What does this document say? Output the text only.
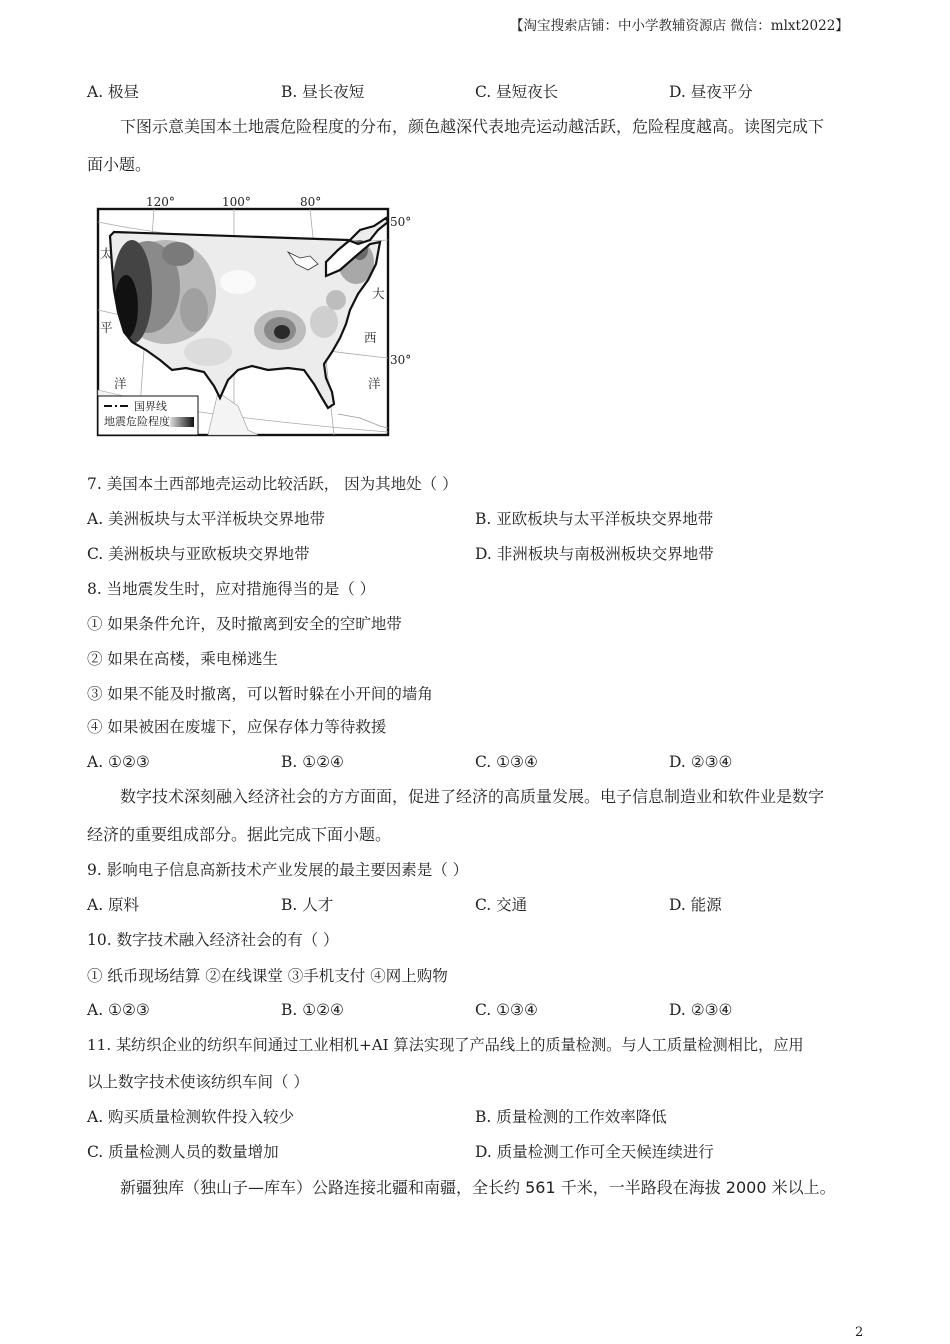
【淘宝搜索店铺：中小学教辅资源店 微信：mlxt2022】
A. 极昼	B. 昼长夜短	C. 昼短夜长	D. 昼夜平分
下图示意美国本土地震危险程度的分布，颜色越深代表地壳运动越活跃，危险程度越高。读图完成下
面小题。
120°	100°	80°
50°
30°
太
平
洋
大
西
洋
国界线
地震危险程度
7. 美国本土西部地壳运动比较活跃， 因为其地处（ ）
A. 美洲板块与太平洋板块交界地带	B. 亚欧板块与太平洋板块交界地带
C. 美洲板块与亚欧板块交界地带	D. 非洲板块与南极洲板块交界地带
8. 当地震发生时，应对措施得当的是（ ）
① 如果条件允许，及时撤离到安全的空旷地带
② 如果在高楼，乘电梯逃生
③ 如果不能及时撤离，可以暂时躲在小开间的墙角
④ 如果被困在废墟下，应保存体力等待救援
A. ①②③	B. ①②④	C. ①③④	D. ②③④
数字技术深刻融入经济社会的方方面面，促进了经济的高质量发展。电子信息制造业和软件业是数字
经济的重要组成部分。据此完成下面小题。
9. 影响电子信息高新技术产业发展的最主要因素是（ ）
A. 原料	B. 人才	C. 交通	D. 能源
10. 数字技术融入经济社会的有（ ）
① 纸币现场结算 ②在线课堂 ③手机支付 ④网上购物
A. ①②③	B. ①②④	C. ①③④	D. ②③④
11. 某纺织企业的纺织车间通过工业相机+AI 算法实现了产品线上的质量检测。与人工质量检测相比，应用
以上数字技术使该纺织车间（ ）
A. 购买质量检测软件投入较少	B. 质量检测的工作效率降低
C. 质量检测人员的数量增加	D. 质量检测工作可全天候连续进行
新疆独库（独山子—库车）公路连接北疆和南疆，全长约 561 千米，一半路段在海拔 2000 米以上。
2
